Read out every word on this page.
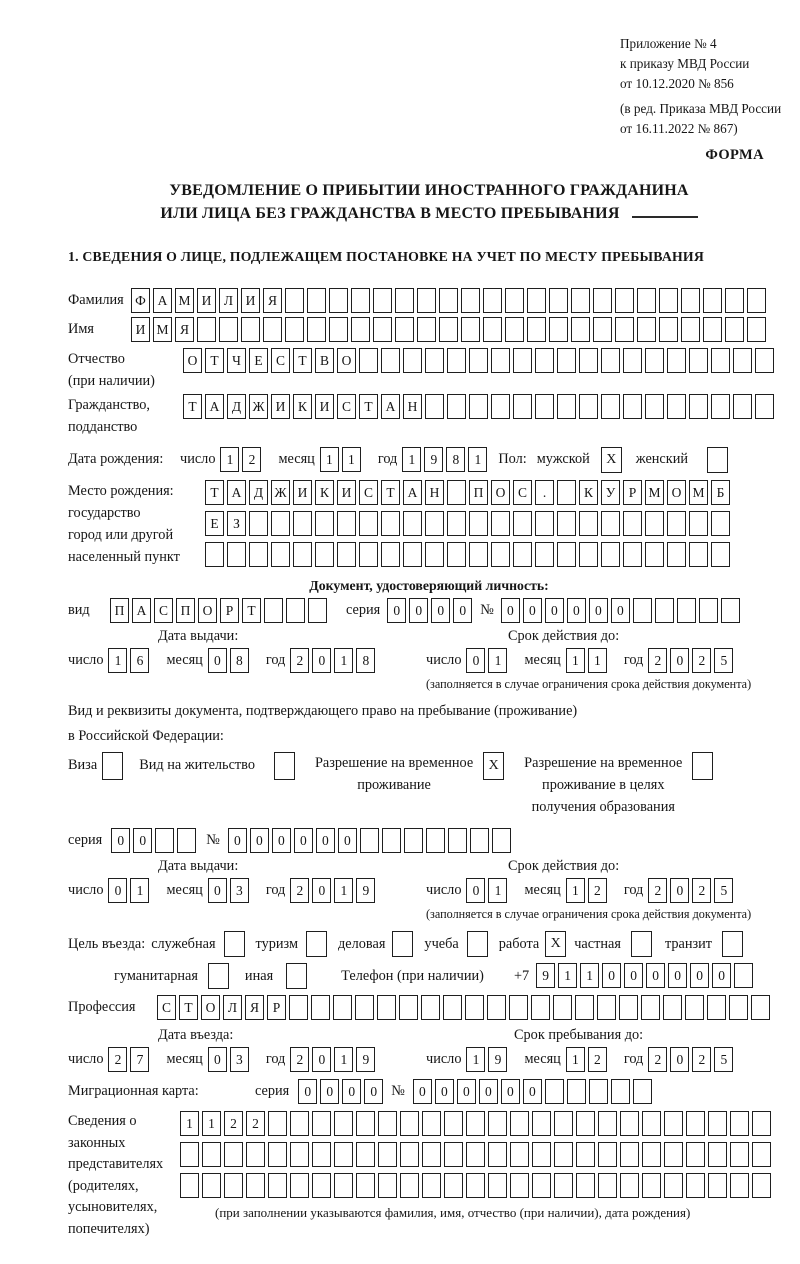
Приложение № 4
к приказу МВД России
от 10.12.2020 № 856
(в ред. Приказа МВД России
от 16.11.2022 № 867)
ФОРМА
УВЕДОМЛЕНИЕ О ПРИБЫТИИ ИНОСТРАННОГО ГРАЖДАНИНА
ИЛИ ЛИЦА БЕЗ ГРАЖДАНСТВА В МЕСТО ПРЕБЫВАНИЯ
1. СВЕДЕНИЯ О ЛИЦЕ, ПОДЛЕЖАЩЕМ ПОСТАНОВКЕ НА УЧЕТ ПО МЕСТУ ПРЕБЫВАНИЯ
Фамилия Ф А М И Л И Я
Имя	И М Я
Отчество
(при наличии)
О Т Ч Е С Т В О
Гражданство,
подданство
Т А Д Ж И К И С Т А Н
Дата рождения:	число 1	2	месяц 1	1	год 1	9	8	1	Пол: мужской	X	женский
Место рождения:
государство
город или другой
населенный пункт
Т А Д Ж И К И С Т А Н	П О С	.	К У Р М О М Б
Е	З
Документ, удостоверяющий личность:
вид	П А С П О Р	Т	серия 0	0	0	0 № 0	0	0	0	0	0
Дата выдачи:
число 1	6	месяц 0	8	год 2	0	1	8
Срок действия до:
число 0	1	месяц 1	1	год 2	0	2	5
(заполняется в случае ограничения срока действия документа)
Вид и реквизиты документа, подтверждающего право на пребывание (проживание)
в Российской Федерации:
Виза	Вид на жительство	Разрешение на временное
проживание
X	Разрешение на временное
проживание в целях
получения образования
серия	0	0	№	0	0	0	0	0	0
Дата выдачи:
число 0	1	месяц 0	3	год 2	0	1	9
Срок действия до:
число 0	1	месяц 1	2	год 2	0	2	5
(заполняется в случае ограничения срока действия документа)
Цель въезда: служебная	туризм	деловая	учеба	работа X частная	транзит
гуманитарная	иная	Телефон (при наличии) +7 9	1	1	0	0	0	0	0	0
Профессия	С Т О Л Я	Р
Дата въезда:
число 2	7	месяц 0	3	год 2	0	1	9
Срок пребывания до:
число 1	9	месяц 1	2	год 2	0	2	5
Миграционная карта:	серия	0	0	0	0 №	0	0	0	0	0	0
Сведения о
законных
представителях
(родителях,
усыновителях,
попечителях)
1	1	2	2
(при заполнении указываются фамилия, имя, отчество (при наличии), дата рождения)
